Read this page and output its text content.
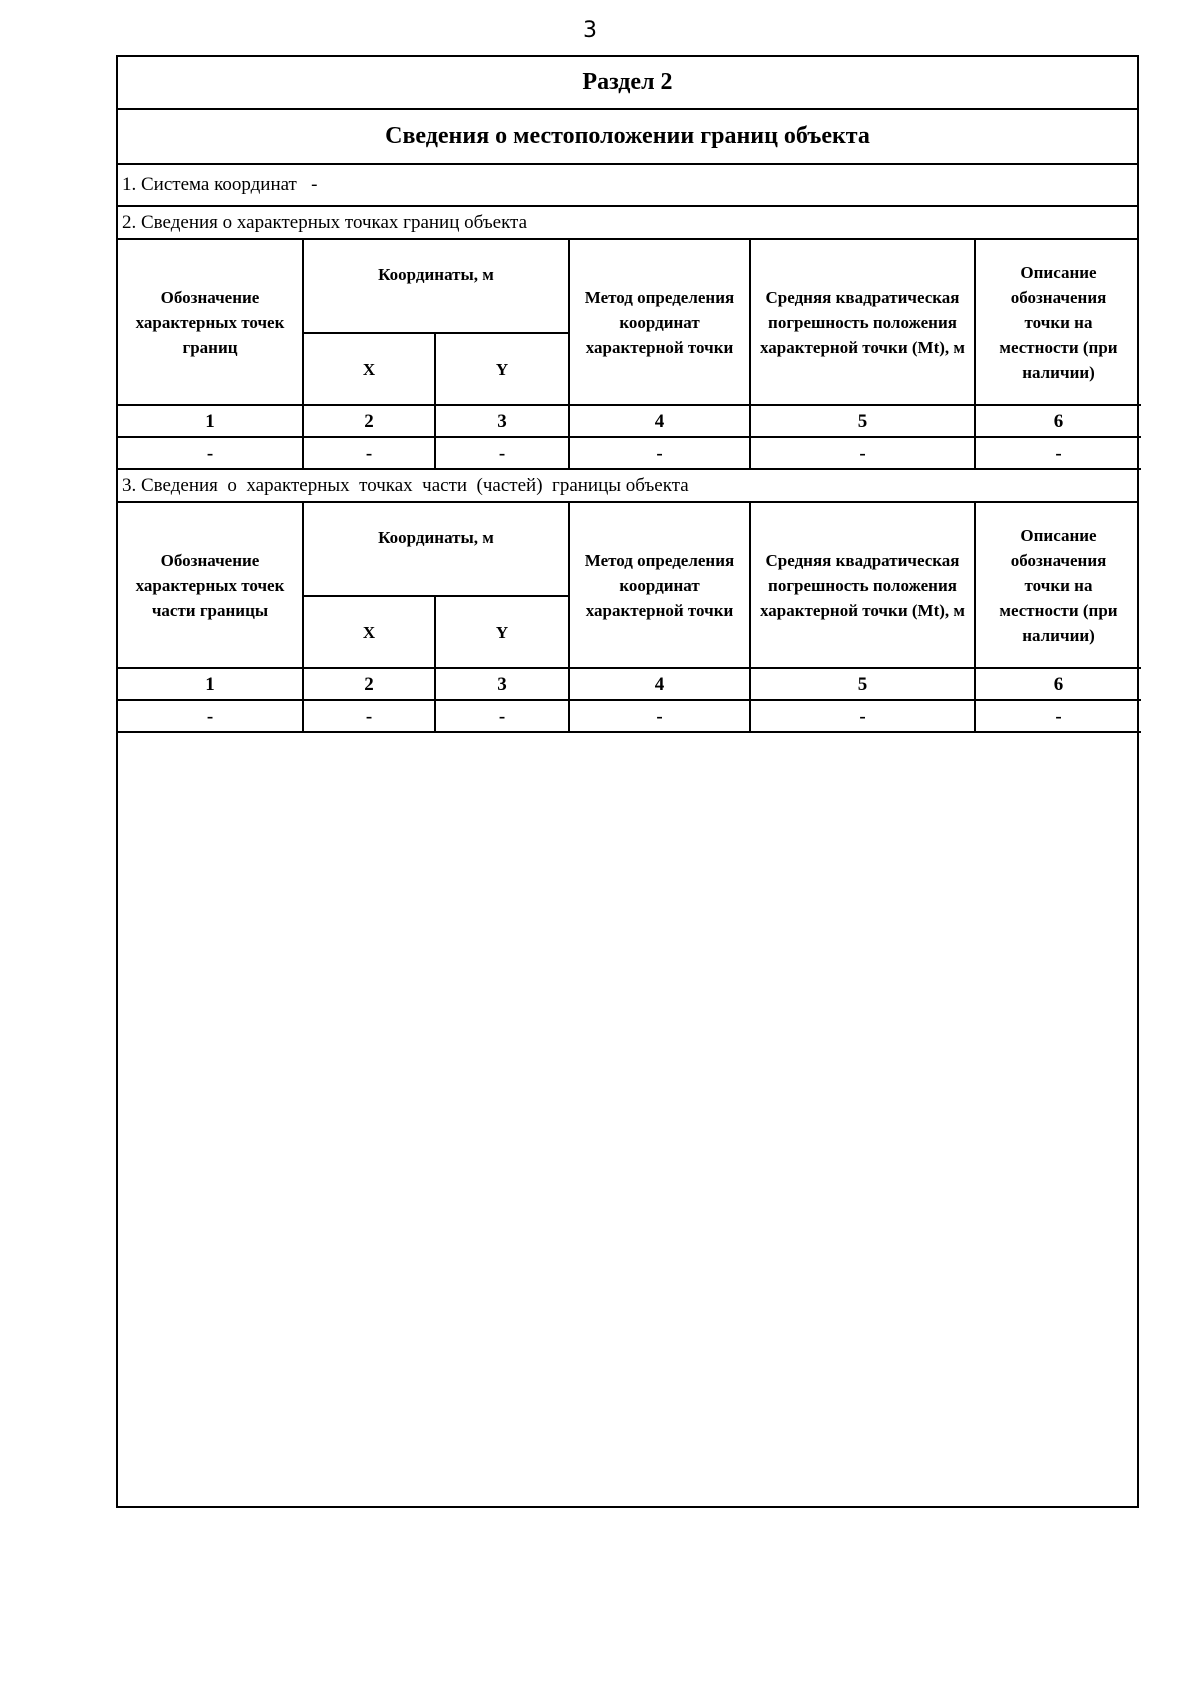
3
Раздел 2
Сведения о местоположении границ объекта
1. Система координат   -
2. Сведения о характерных точках границ объекта
Обозначение характерных точек границ	Координаты, м		Метод определения координат характерной точки	Средняя квадратическая погрешность положения характерной точки (Mt), м	Описание обозначения точки на местности (при наличии)
	X	Y			
1	2	3	4	5	6
-	-	-	-	-	-
3. Сведения  о  характерных  точках  части  (частей)  границы объекта
Обозначение характерных точек части границы	Координаты, м		Метод определения координат характерной точки	Средняя квадратическая погрешность положения характерной точки (Mt), м	Описание обозначения точки на местности (при наличии)
	X	Y			
1	2	3	4	5	6
-	-	-	-	-	-
